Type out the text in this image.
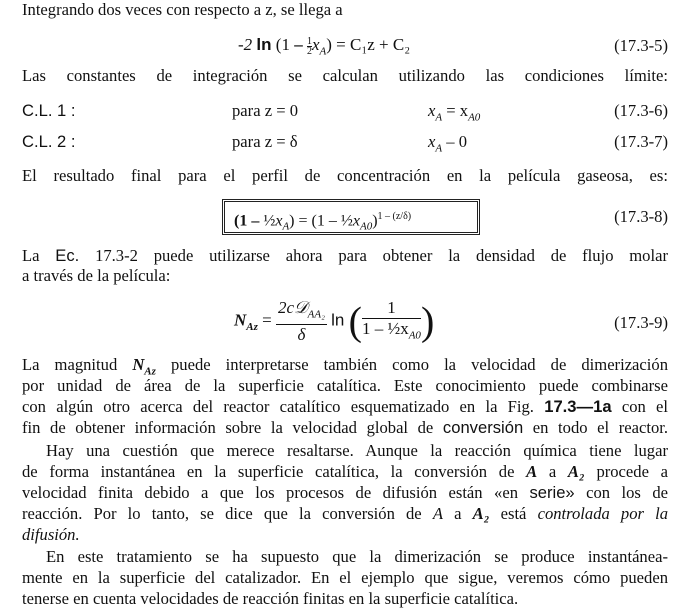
Integrando dos veces con respecto a z, se llega a
-2 $\ln (1 - \frac{1}{2} x_A) = C_1z + C_2$	(17.3-5)
Las constantes de integración se calculan utilizando las condiciones límite:
C.L. 1 :	para z = 0	$x_A = x_{A0}$	(17.3-6)
C.L. 2 :	para z = δ	$x_A - 0$	(17.3-7)
El resultado final para el perfil de concentración en la película gaseosa, es:
$(1 - \frac{1}{2}x_A) = (1$ – $\frac{1}{2}x_{A0})^{1 - (z/\delta)}$	(17.3-8)
La Ec. 17.3-2 puede utilizarse ahora para obtener la densidad de flujo molar
a través de la película:
$N_{Az} = \frac{2c𝒟_{AA_2}}{\delta}$ ln ( $\frac{1}{1 - \frac{1}{2}x_{A0}}$ )	(17.3-9)
La magnitud $N_{Az}$ puede interpretarse también como la velocidad de dimerización
por unidad de área de la superficie catalítica. Este conocimiento puede combinarse
con algún otro acerca del reactor catalítico esquematizado en la Fig. 17.3—1a con el
fin de obtener información sobre la velocidad global de conversión en todo el reactor.
Hay una cuestión que merece resaltarse. Aunque la reacción química tiene lugar
de forma instantánea en la superficie catalítica, la conversión de A a A₂ procede a
velocidad finita debido a que los procesos de difusión están «en serie» con los de
reacción. Por lo tanto, se dice que la conversión de A a A₂ está controlada por la
difusión.
En este tratamiento se ha supuesto que la dimerización se produce instantánea-
mente en la superficie del catalizador. En el ejemplo que sigue, veremos cómo pueden
tenerse en cuenta velocidades de reacción finitas en la superficie catalítica.
